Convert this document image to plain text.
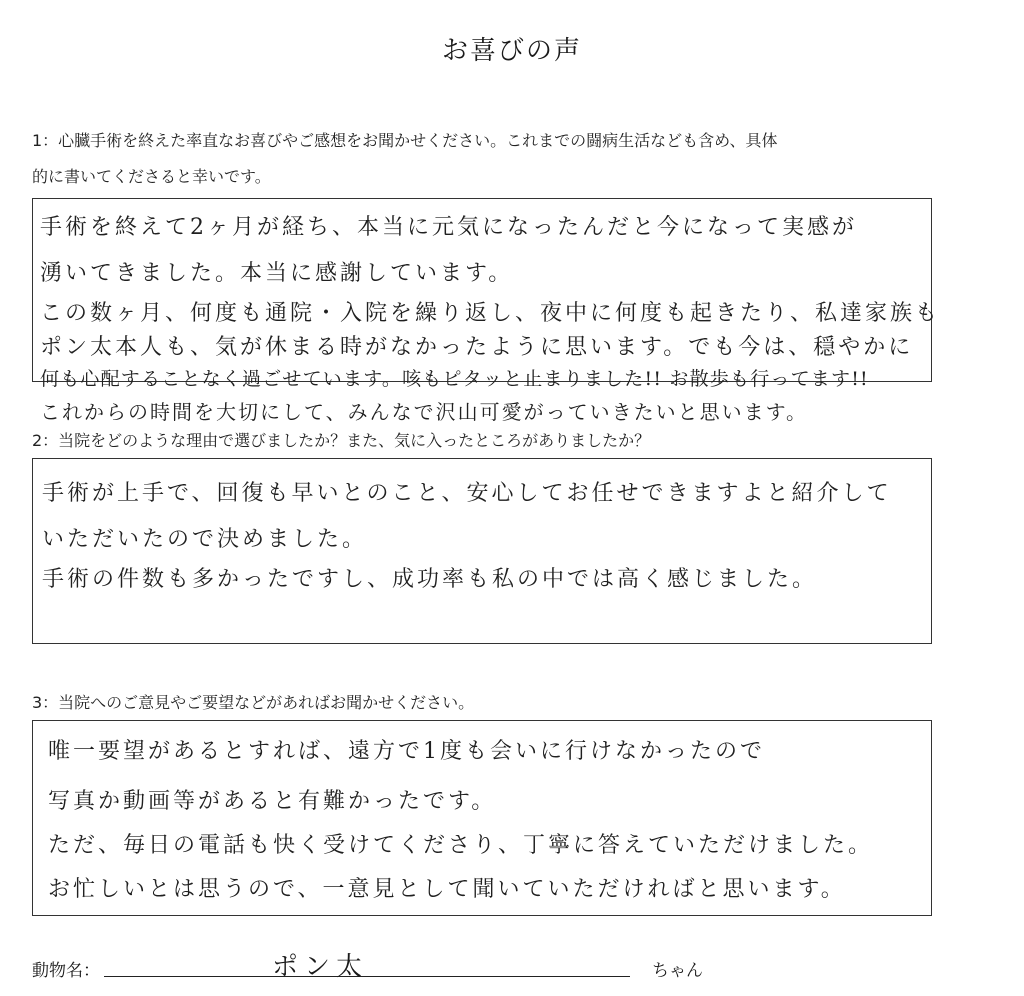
お喜びの声
1：心臓手術を終えた率直なお喜びやご感想をお聞かせください。これまでの闘病生活なども含め、具体
的に書いてくださると幸いです。
手術を終えて2ヶ月が経ち、本当に元気になったんだと今になって実感が
湧いてきました。本当に感謝しています。
この数ヶ月、何度も通院・入院を繰り返し、夜中に何度も起きたり、私達家族も
ポン太本人も、気が休まる時がなかったように思います。でも今は、穏やかに
何も心配することなく過ごせています。咳もピタッと止まりました!! お散歩も行ってます!!
これからの時間を大切にして、みんなで沢山可愛がっていきたいと思います。
2：当院をどのような理由で選びましたか？また、気に入ったところがありましたか？
手術が上手で、回復も早いとのこと、安心してお任せできますよと紹介して
いただいたので決めました。
手術の件数も多かったですし、成功率も私の中では高く感じました。
3：当院へのご意見やご要望などがあればお聞かせください。
唯一要望があるとすれば、遠方で1度も会いに行けなかったので
写真か動画等があると有難かったです。
ただ、毎日の電話も快く受けてくださり、丁寧に答えていただけました。
お忙しいとは思うので、一意見として聞いていただければと思います。
動物名：	ポン太	ちゃん
